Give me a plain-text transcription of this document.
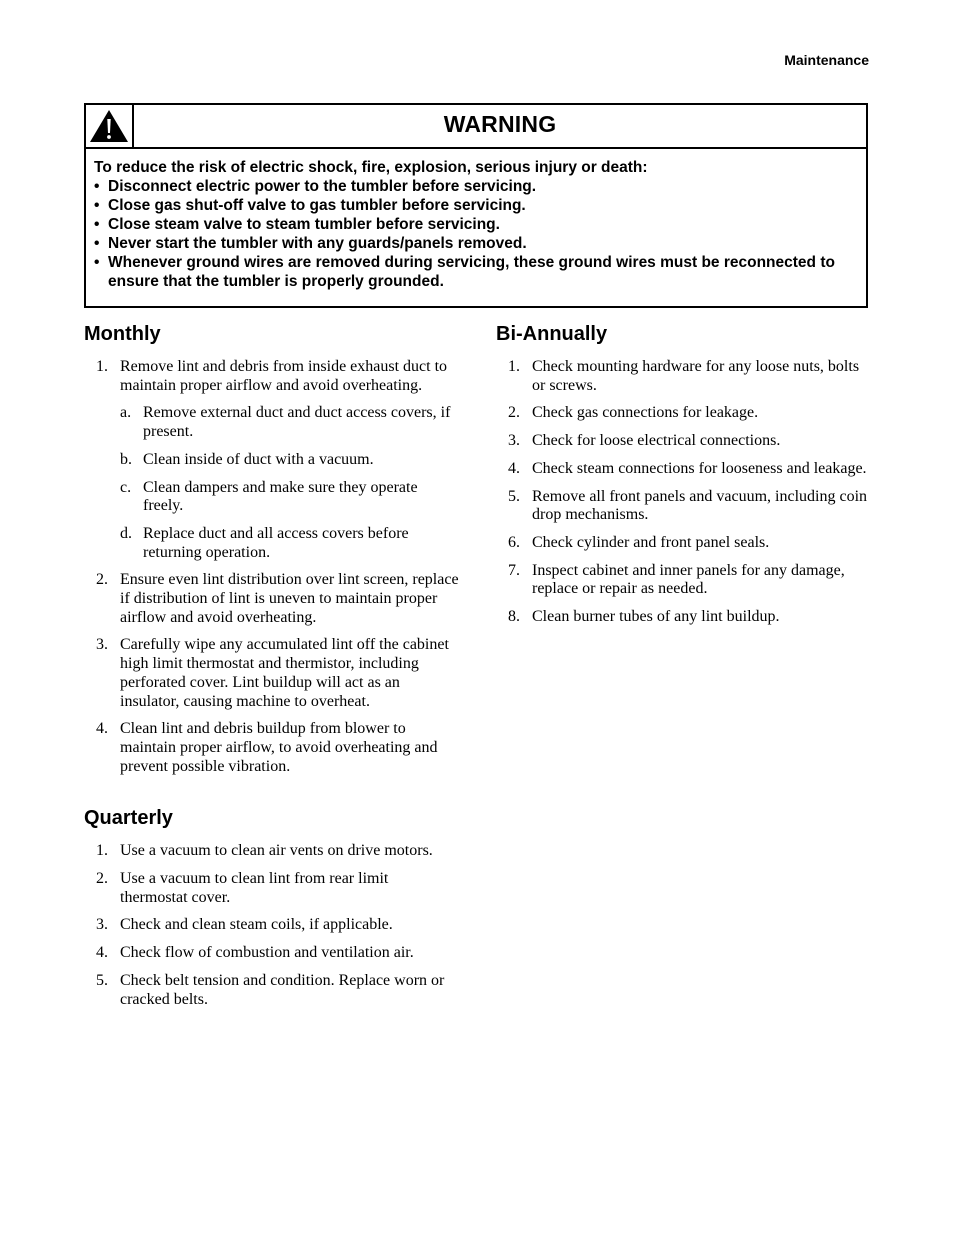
Maintenance
WARNING

To reduce the risk of electric shock, fire, explosion, serious injury or death:

• Disconnect electric power to the tumbler before servicing.
• Close gas shut-off valve to gas tumbler before servicing.
• Close steam valve to steam tumbler before servicing.
• Never start the tumbler with any guards/panels removed.
• Whenever ground wires are removed during servicing, these ground wires must be reconnected to ensure that the tumbler is properly grounded.
Monthly
1. Remove lint and debris from inside exhaust duct to maintain proper airflow and avoid overheating.
a. Remove external duct and duct access covers, if present.
b. Clean inside of duct with a vacuum.
c. Clean dampers and make sure they operate freely.
d. Replace duct and all access covers before returning operation.
2. Ensure even lint distribution over lint screen, replace if distribution of lint is uneven to maintain proper airflow and avoid overheating.
3. Carefully wipe any accumulated lint off the cabinet high limit thermostat and thermistor, including perforated cover. Lint buildup will act as an insulator, causing machine to overheat.
4. Clean lint and debris buildup from blower to maintain proper airflow, to avoid overheating and prevent possible vibration.
Quarterly
1. Use a vacuum to clean air vents on drive motors.
2. Use a vacuum to clean lint from rear limit thermostat cover.
3. Check and clean steam coils, if applicable.
4. Check flow of combustion and ventilation air.
5. Check belt tension and condition. Replace worn or cracked belts.
Bi-Annually
1. Check mounting hardware for any loose nuts, bolts or screws.
2. Check gas connections for leakage.
3. Check for loose electrical connections.
4. Check steam connections for looseness and leakage.
5. Remove all front panels and vacuum, including coin drop mechanisms.
6. Check cylinder and front panel seals.
7. Inspect cabinet and inner panels for any damage, replace or repair as needed.
8. Clean burner tubes of any lint buildup.
